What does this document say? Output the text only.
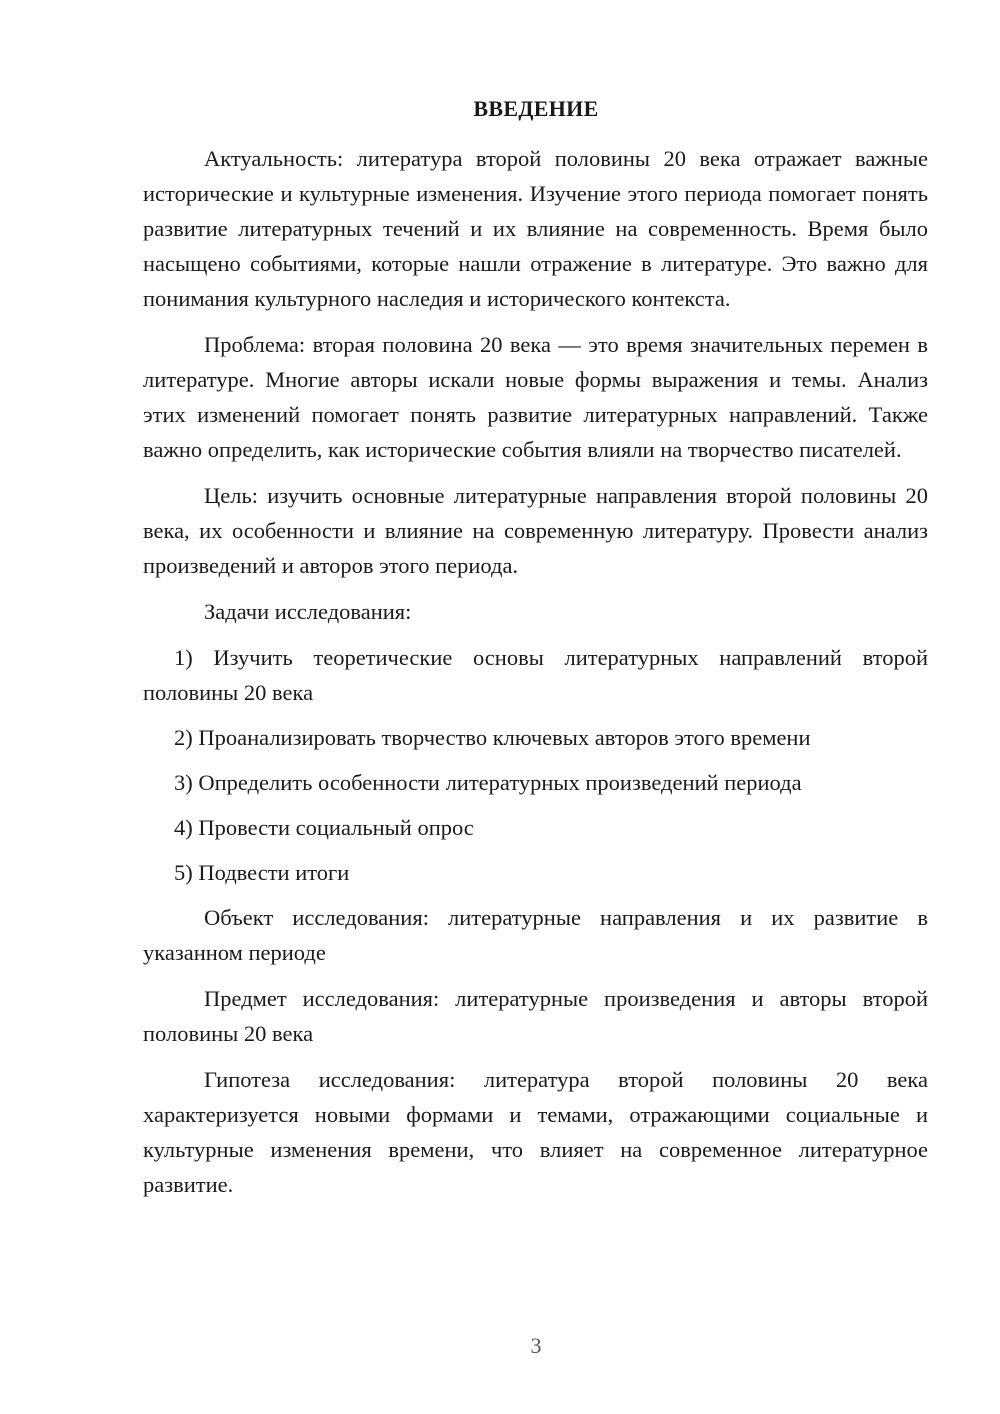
ВВЕДЕНИЕ

Актуальность: литература второй половины 20 века отражает важные исторические и культурные изменения. Изучение этого периода помогает понять развитие литературных течений и их влияние на современность. Время было насыщено событиями, которые нашли отражение в литературе. Это важно для понимания культурного наследия и исторического контекста.

Проблема: вторая половина 20 века — это время значительных перемен в литературе. Многие авторы искали новые формы выражения и темы. Анализ этих изменений помогает понять развитие литературных направлений. Также важно определить, как исторические события влияли на творчество писателей.

Цель: изучить основные литературные направления второй половины 20 века, их особенности и влияние на современную литературу. Провести анализ произведений и авторов этого периода.

Задачи исследования:

1) Изучить теоретические основы литературных направлений второй половины 20 века

2) Проанализировать творчество ключевых авторов этого времени

3) Определить особенности литературных произведений периода

4) Провести социальный опрос

5) Подвести итоги

Объект исследования: литературные направления и их развитие в указанном периоде

Предмет исследования: литературные произведения и авторы второй половины 20 века

Гипотеза исследования: литература второй половины 20 века характеризуется новыми формами и темами, отражающими социальные и культурные изменения времени, что влияет на современное литературное развитие.

3
